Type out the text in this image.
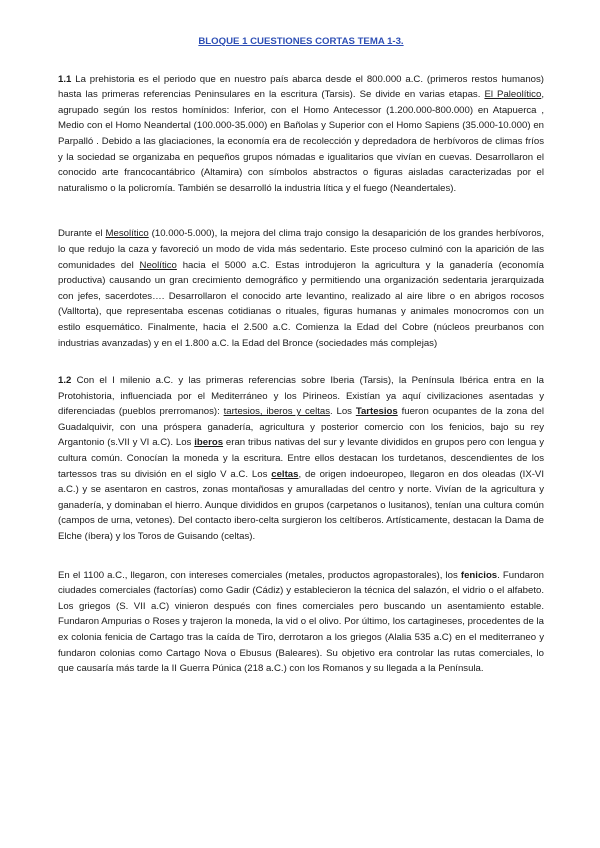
BLOQUE 1 CUESTIONES CORTAS TEMA 1-3.

1.1 La prehistoria es el periodo que en nuestro país abarca desde el 800.000 a.C. (primeros restos humanos) hasta las primeras referencias Peninsulares en la escritura (Tarsis). Se divide en varias etapas. El Paleolítico, agrupado según los restos homínidos: Inferior, con el Homo Antecessor (1.200.000-800.000) en Atapuerca , Medio con el Homo Neandertal (100.000-35.000) en Bañolas y Superior con el Homo Sapiens (35.000-10.000) en Parpalló . Debido a las glaciaciones, la economía era de recolección y depredadora de herbívoros de climas fríos y la sociedad se organizaba en pequeños grupos nómadas e igualitarios que vivían en cuevas. Desarrollaron el conocido arte francocantábrico (Altamira) con símbolos abstractos o figuras aisladas caracterizadas por el naturalismo o la policromía. También se desarrolló la industria lítica y el fuego (Neandertales).

Durante el Mesolítico (10.000-5.000), la mejora del clima trajo consigo la desaparición de los grandes herbívoros, lo que redujo la caza y favoreció un modo de vida más sedentario. Este proceso culminó con la aparición de las comunidades del Neolítico hacia el 5000 a.C. Estas introdujeron la agricultura y la ganadería (economía productiva) causando un gran crecimiento demográfico y permitiendo una organización sedentaria jerarquizada con jefes, sacerdotes…. Desarrollaron el conocido arte levantino, realizado al aire libre o en abrigos rocosos (Valltorta), que representaba escenas cotidianas o rituales, figuras humanas y animales monocromos con un estilo esquemático. Finalmente, hacia el 2.500 a.C. Comienza la Edad del Cobre (núcleos preurbanos con industrias avanzadas) y en el 1.800 a.C. la Edad del Bronce (sociedades más complejas)

1.2 Con el I milenio a.C. y las primeras referencias sobre Iberia (Tarsis), la Península Ibérica entra en la Protohistoria, influenciada por el Mediterráneo y los Pirineos. Existían ya aquí civilizaciones asentadas y diferenciadas (pueblos prerromanos): tartesios, iberos y celtas. Los Tartesios fueron ocupantes de la zona del Guadalquivir, con una próspera ganadería, agricultura y posterior comercio con los fenicios, bajo su rey Argantonio (s.VII y VI a.C). Los iberos eran tribus nativas del sur y levante divididos en grupos pero con lengua y cultura común. Conocían la moneda y la escritura. Entre ellos destacan los turdetanos, descendientes de los tartessos tras su división en el siglo V a.C. Los celtas, de origen indoeuropeo, llegaron en dos oleadas (IX-VI a.C.) y se asentaron en castros, zonas montañosas y amuralladas del centro y norte. Vivían de la agricultura y ganadería, y dominaban el hierro. Aunque divididos en grupos (carpetanos o lusitanos), tenían una cultura común (campos de urna, vetones). Del contacto ibero-celta surgieron los celtíberos. Artísticamente, destacan la Dama de Elche (íbera) y los Toros de Guisando (celtas).

En el 1100 a.C., llegaron, con intereses comerciales (metales, productos agropastorales), los fenicios. Fundaron ciudades comerciales (factorías) como Gadir (Cádiz) y establecieron la técnica del salazón, el vidrio o el alfabeto. Los griegos (S. VII a.C) vinieron después con fines comerciales pero buscando un asentamiento estable. Fundaron Ampurias o Roses y trajeron la moneda, la vid o el olivo. Por último, los cartagineses, procedentes de la ex colonia fenicia de Cartago tras la caída de Tiro, derrotaron a los griegos (Alalia 535 a.C) en el mediterraneo y fundaron colonias como Cartago Nova o Ebusus (Baleares). Su objetivo era controlar las rutas comerciales, lo que causaría más tarde la II Guerra Púnica (218 a.C.) con los Romanos y su llegada a la Península.
